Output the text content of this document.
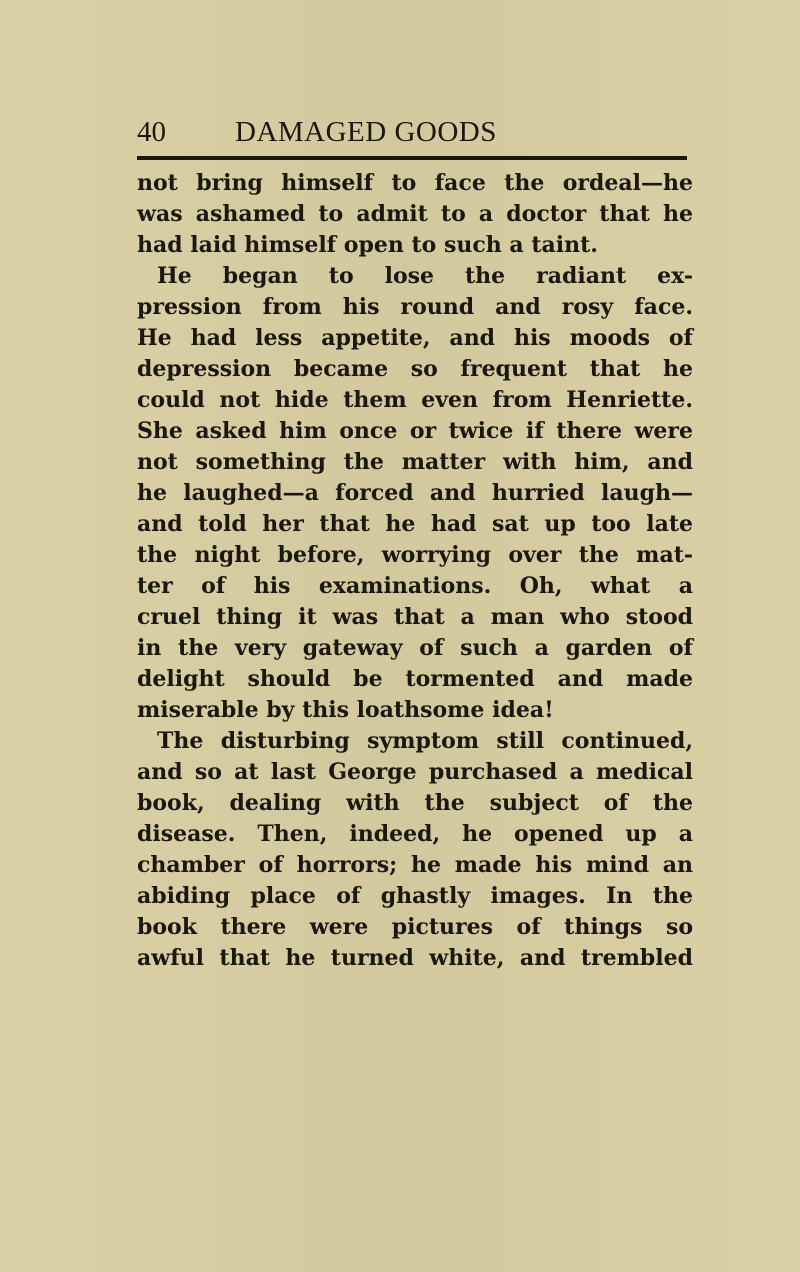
40 DAMAGED GOODS
not bring himself to face the ordeal—he
was ashamed to admit to a doctor that he
had laid himself open to such a taint.
He began to lose the radiant ex-
pression from his round and rosy face.
He had less appetite, and his moods of
depression became so frequent that he
could not hide them even from Henriette.
She asked him once or twice if there were
not something the matter with him, and
he laughed—a forced and hurried laugh—
and told her that he had sat up too late
the night before, worrying over the mat-
ter of his examinations. Oh, what a
cruel thing it was that a man who stood
in the very gateway of such a garden of
delight should be tormented and made
miserable by this loathsome idea!
The disturbing symptom still continued,
and so at last George purchased a medical
book, dealing with the subject of the
disease. Then, indeed, he opened up a
chamber of horrors; he made his mind an
abiding place of ghastly images. In the
book there were pictures of things so
awful that he turned white, and trembled
